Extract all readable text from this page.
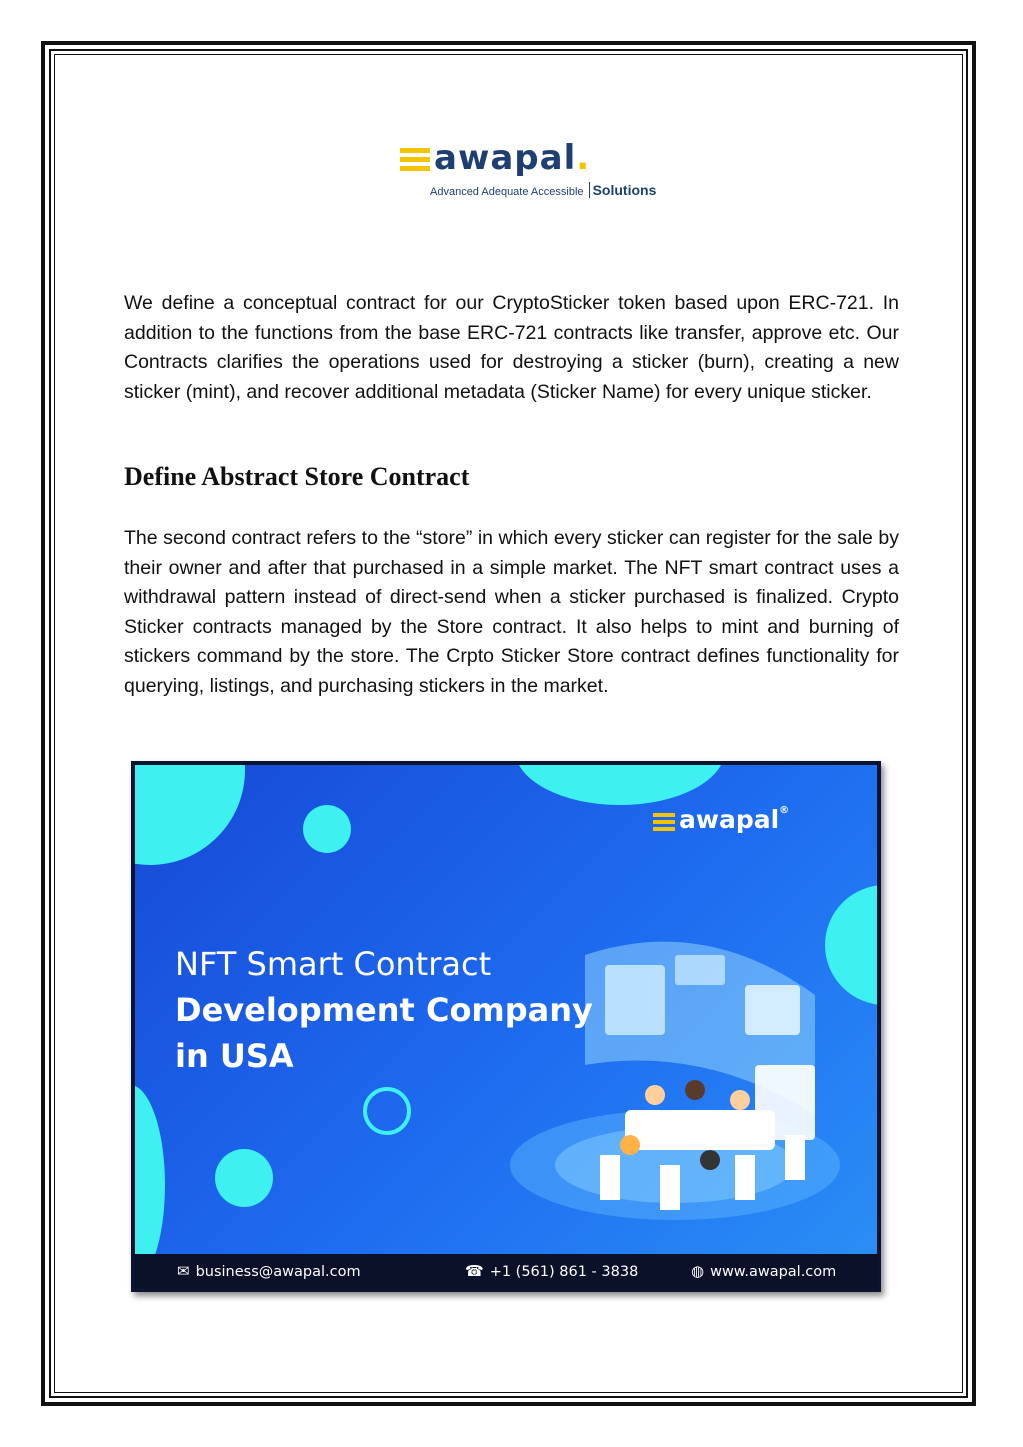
awapal.
Advanced Adequate Accessible Solutions

We define a conceptual contract for our CryptoSticker token based upon ERC-721. In addition to the functions from the base ERC-721 contracts like transfer, approve etc. Our Contracts clarifies the operations used for destroying a sticker (burn), creating a new sticker (mint), and recover additional metadata (Sticker Name) for every unique sticker.

Define Abstract Store Contract

The second contract refers to the “store” in which every sticker can register for the sale by their owner and after that purchased in a simple market. The NFT smart contract uses a withdrawal pattern instead of direct-send when a sticker purchased is finalized. Crypto Sticker contracts managed by the Store contract. It also helps to mint and burning of stickers command by the store. The Crpto Sticker Store contract defines functionality for querying, listings, and purchasing stickers in the market.

awapal®
NFT Smart Contract
Development Company
in USA
✉ business@awapal.com	☎ +1 (561) 861 - 3838	◍ www.awapal.com
